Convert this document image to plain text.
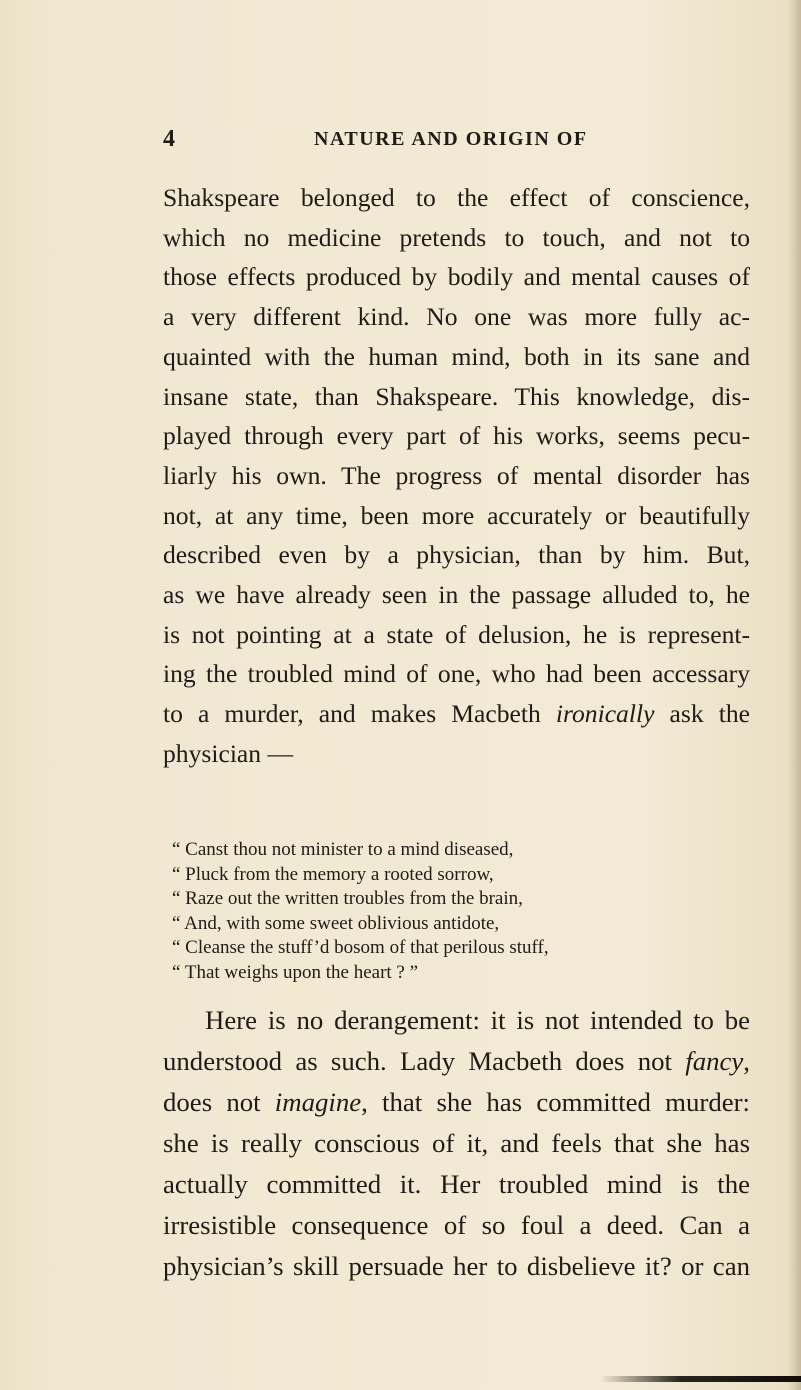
4	NATURE AND ORIGIN OF
Shakspeare belonged to the effect of conscience,
which no medicine pretends to touch, and not to
those effects produced by bodily and mental causes of
a very different kind. No one was more fully ac-
quainted with the human mind, both in its sane and
insane state, than Shakspeare. This knowledge, dis-
played through every part of his works, seems pecu-
liarly his own. The progress of mental disorder has
not, at any time, been more accurately or beautifully
described even by a physician, than by him. But,
as we have already seen in the passage alluded to, he
is not pointing at a state of delusion, he is represent-
ing the troubled mind of one, who had been accessary
to a murder, and makes Macbeth ironically ask the
physician —
“ Canst thou not minister to a mind diseased,
“ Pluck from the memory a rooted sorrow,
“ Raze out the written troubles from the brain,
“ And, with some sweet oblivious antidote,
“ Cleanse the stuff’d bosom of that perilous stuff,
“ That weighs upon the heart ? ”
Here is no derangement: it is not intended to be
understood as such. Lady Macbeth does not fancy,
does not imagine, that she has committed murder:
she is really conscious of it, and feels that she has
actually committed it. Her troubled mind is the
irresistible consequence of so foul a deed. Can a
physician’s skill persuade her to disbelieve it? or can
